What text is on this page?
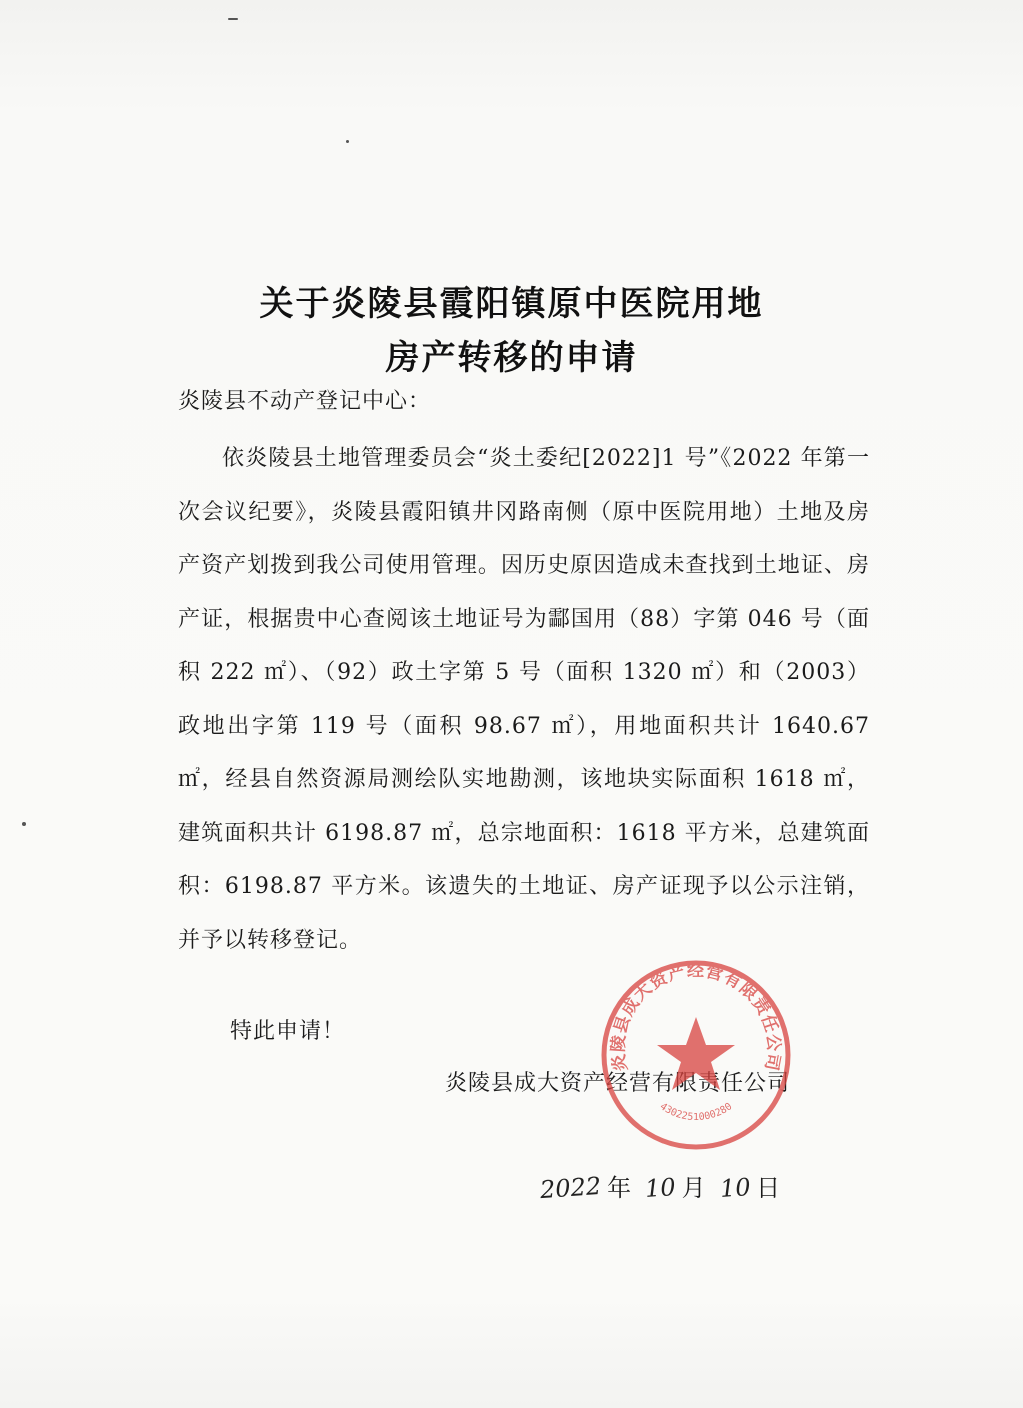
关于炎陵县霞阳镇原中医院用地
房产转移的申请
炎陵县不动产登记中心：
依炎陵县土地管理委员会“炎土委纪[2022]1 号”《2022 年第一次会议纪要》，炎陵县霞阳镇井冈路南侧（原中医院用地）土地及房产资产划拨到我公司使用管理。因历史原因造成未查找到土地证、房产证，根据贵中心查阅该土地证号为酃国用（88）字第 046 号（面积 222 ㎡）、（92）政土字第 5 号（面积 1320 ㎡）和（2003）政地出字第 119 号（面积 98.67 ㎡），用地面积共计 1640.67 ㎡，经县自然资源局测绘队实地勘测，该地块实际面积 1618 ㎡，建筑面积共计 6198.87 ㎡，总宗地面积：1618 平方米，总建筑面积：6198.87 平方米。该遗失的土地证、房产证现予以公示注销，并予以转移登记。
特此申请！
炎陵县成大资产经营有限责任公司
2022 年 10 月 10 日
炎陵县成大资产经营有限责任公司
4302251000280
